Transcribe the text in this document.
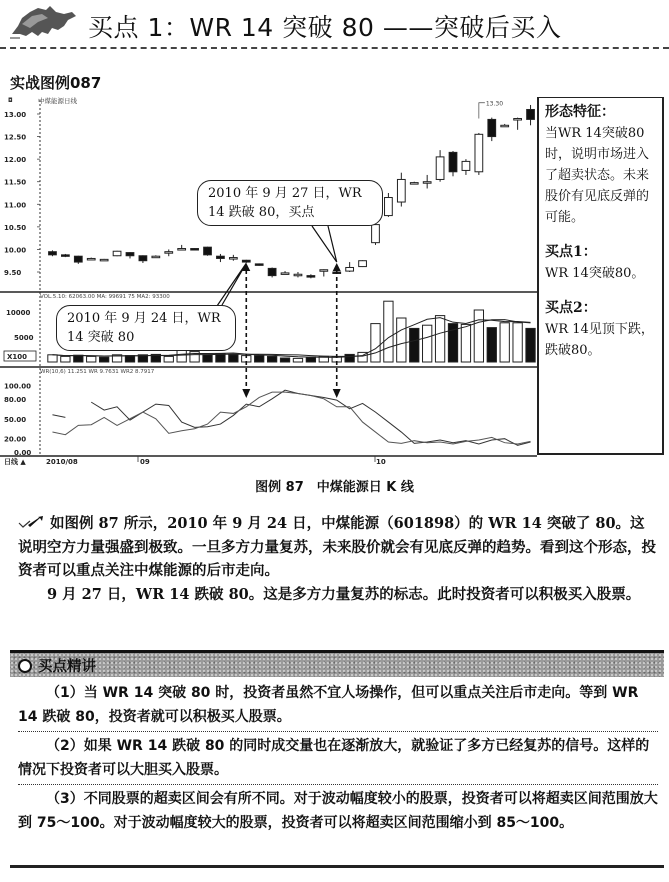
买点 1：WR 14 突破 80 ——突破后买入
实战图例087
◘	中煤能源日线
13.00
12.50
12.00
11.50
11.00
10.50
10.00
9.50
13.30
VOL.5.10: 62063.00 MA: 99691 75 MA2: 93300
10000
5000
X100
WR(10,6) 11.251 WR 9.7631 WR2 8.7917
100.00
80.00
50.00
20.00
0.00
日线 ▲	2010/08	09	10
2010 年 9 月 27 日，WR 14 跌破 80，买点
2010 年 9 月 24 日，WR 14 突破 80

形态特征：

当WR 14突破80时，说明市场进入了超卖状态。未来股价有见底反弹的可能。

买点1：

WR 14突破80。

买点2：

WR 14见顶下跌，跌破80。

图例 87　中煤能源日 K 线

如图例 87 所示，2010 年 9 月 24 日，中煤能源（601898）的 WR 14 突破了 80。这说明空方力量强盛到极致。一旦多方力量复苏，未来股价就会有见底反弹的趋势。看到这个形态，投资者可以重点关注中煤能源的后市走向。

9 月 27 日，WR 14 跌破 80。这是多方力量复苏的标志。此时投资者可以积极买入股票。

买点精讲

（1）当 WR 14 突破 80 时，投资者虽然不宜人场操作，但可以重点关注后市走向。等到 WR 14 跌破 80，投资者就可以积极买人股票。

（2）如果 WR 14 跌破 80 的同时成交量也在逐渐放大，就验证了多方已经复苏的信号。这样的情况下投资者可以大胆买入股票。

（3）不同股票的超卖区间会有所不同。对于波动幅度较小的股票，投资者可以将超卖区间范围放大到 75～100。对于波动幅度较大的股票，投资者可以将超卖区间范围缩小到 85～100。
